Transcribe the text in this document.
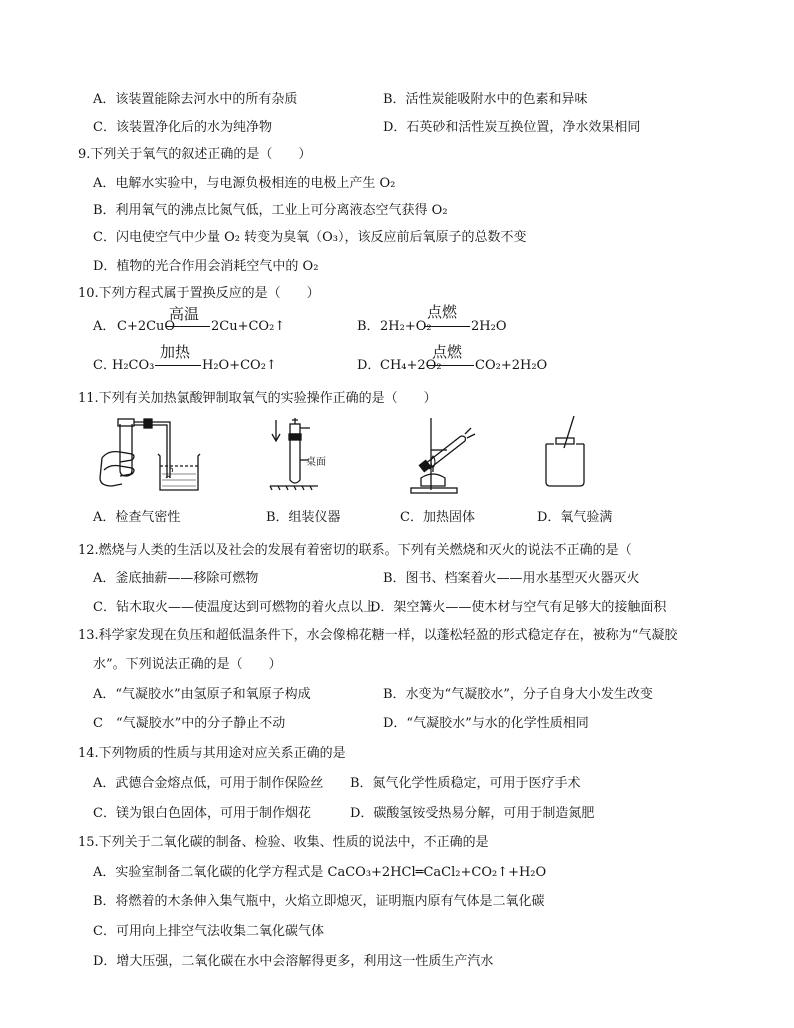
A．该装置能除去河水中的所有杂质	B．活性炭能吸附水中的色素和异味
C．该装置净化后的水为纯净物	D．石英砂和活性炭互换位置，净水效果相同
9.下列关于氧气的叙述正确的是（　　）
A．电解水实验中，与电源负极相连的电极上产生 O₂
B．利用氧气的沸点比氮气低，工业上可分离液态空气获得 O₂
C．闪电使空气中少量 O₂ 转变为臭氧（O₃），该反应前后氧原子的总数不变
D．植物的光合作用会消耗空气中的 O₂
10.下列方程式属于置换反应的是（　　）
A． C+2CuO
高温
2Cu+CO₂↑	B． 2H₂+O₂
点燃
2H₂O
C．
H₂CO₃
加热
H₂O+CO₂↑	D． CH₄+2O₂
点燃
CO₂+2H₂O
11.下列有关加热氯酸钾制取氧气的实验操作正确的是（　　）
桌面
A．检查气密性	B．组装仪器	C．加热固体	D．氧气验满
12.燃烧与人类的生活以及社会的发展有着密切的联系。下列有关燃烧和灭火的说法不正确的是（
A．釜底抽薪——移除可燃物	B．图书、档案着火——用水基型灭火器灭火
C．钻木取火——使温度达到可燃物的着火点以上
D．架空篝火——使木材与空气有足够大的接触面积
13.科学家发现在负压和超低温条件下，水会像棉花糖一样，以蓬松轻盈的形式稳定存在，被称为“气凝胶
水”。下列说法正确的是（　　）
A．“气凝胶水”由氢原子和氧原子构成	B．水变为“气凝胶水”，分子自身大小发生改变
C　“气凝胶水”中的分子静止不动	D．“气凝胶水”与水的化学性质相同
14.下列物质的性质与其用途对应关系正确的是
A．武德合金熔点低，可用于制作保险丝 B．氮气化学性质稳定，可用于医疗手术
C．镁为银白色固体，可用于制作烟花	D．碳酸氢铵受热易分解，可用于制造氮肥
15.下列关于二氧化碳的制备、检验、收集、性质的说法中，不正确的是
A．实验室制备二氧化碳的化学方程式是 CaCO₃+2HCl═CaCl₂+CO₂↑+H₂O
B．将燃着的木条伸入集气瓶中，火焰立即熄灭，证明瓶内原有气体是二氧化碳
C．可用向上排空气法收集二氧化碳气体
D．增大压强，二氧化碳在水中会溶解得更多，利用这一性质生产汽水
